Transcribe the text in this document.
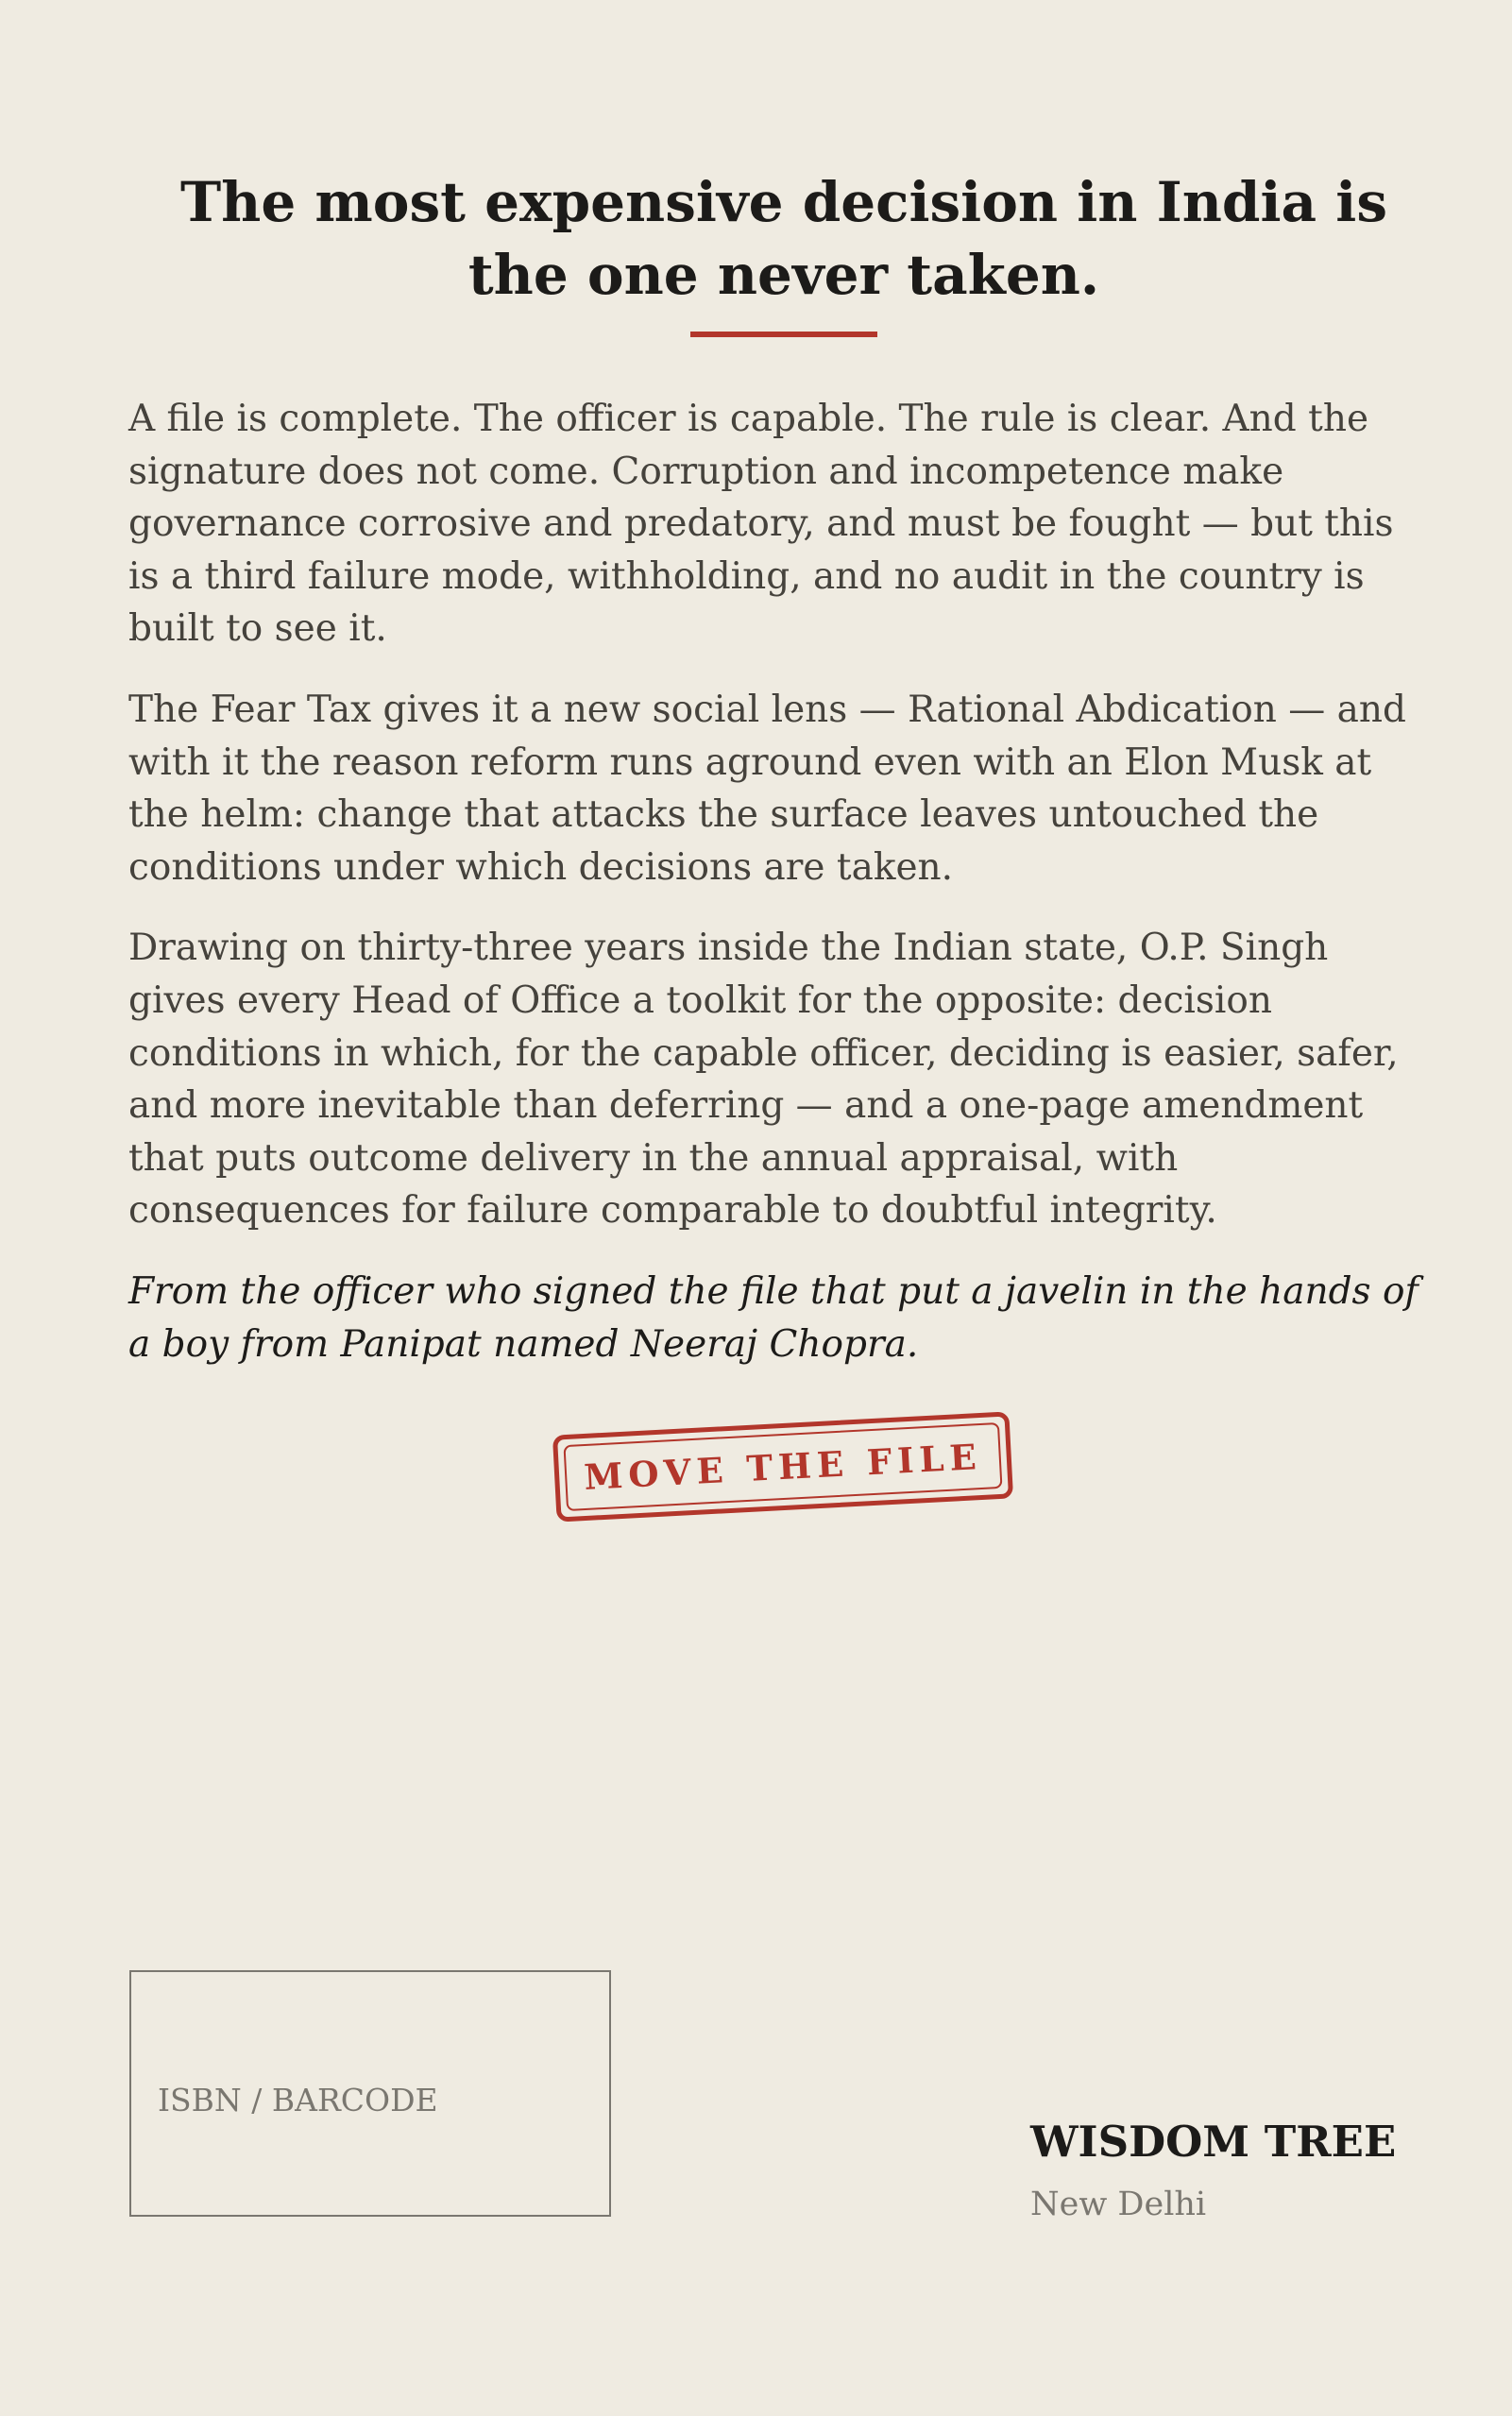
The most expensive decision in India is
the one never taken.

A file is complete. The officer is capable. The rule is clear. And the signature does not come. Corruption and incompetence make governance corrosive and predatory, and must be fought — but this is a third failure mode, withholding, and no audit in the country is built to see it.

The Fear Tax gives it a new social lens — Rational Abdication — and with it the reason reform runs aground even with an Elon Musk at the helm: change that attacks the surface leaves untouched the conditions under which decisions are taken.

Drawing on thirty-three years inside the Indian state, O.P. Singh gives every Head of Office a toolkit for the opposite: decision conditions in which, for the capable officer, deciding is easier, safer, and more inevitable than deferring — and a one-page amendment that puts outcome delivery in the annual appraisal, with consequences for failure comparable to doubtful integrity.

From the officer who signed the file that put a javelin in the hands of a boy from Panipat named Neeraj Chopra.

MOVE THE FILE
ISBN / BARCODE
WISDOM TREE
New Delhi
